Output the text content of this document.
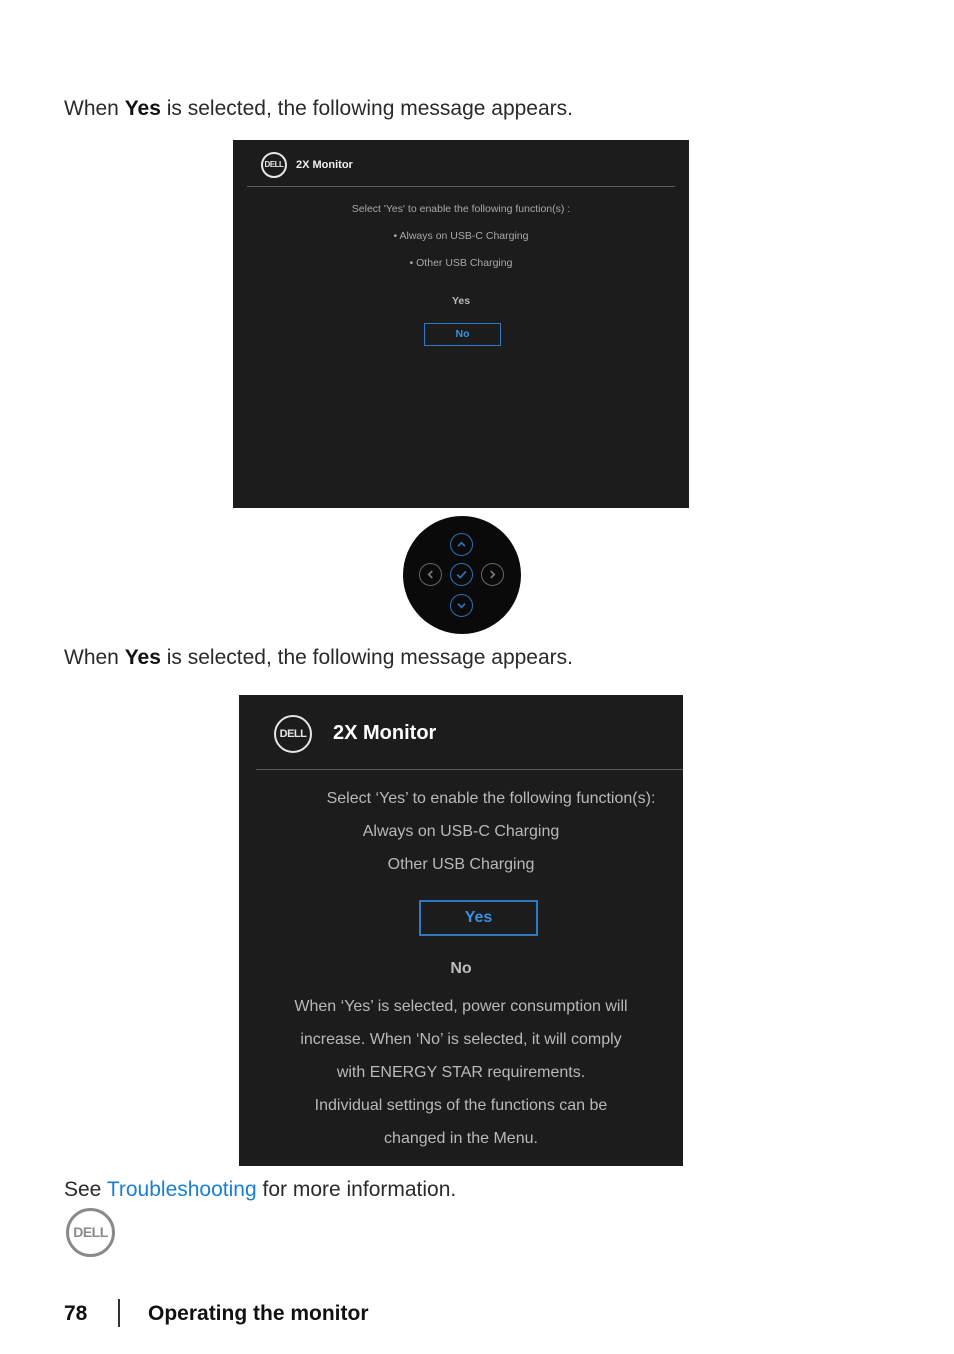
When Yes is selected, the following message appears.
DELL	2X Monitor
Select 'Yes' to enable the following function(s) :
• Always on USB-C Charging
• Other USB Charging
Yes
No
When Yes is selected, the following message appears.
DELL 2X Monitor
Select ‘Yes’ to enable the following function(s):
Always on USB-C Charging
Other USB Charging
Yes
No
When ‘Yes’ is selected, power consumption will
increase. When ‘No’ is selected, it will comply
with ENERGY STAR requirements.
Individual settings of the functions can be
changed in the Menu.
See Troubleshooting for more information.
DELL
78	Operating the monitor
